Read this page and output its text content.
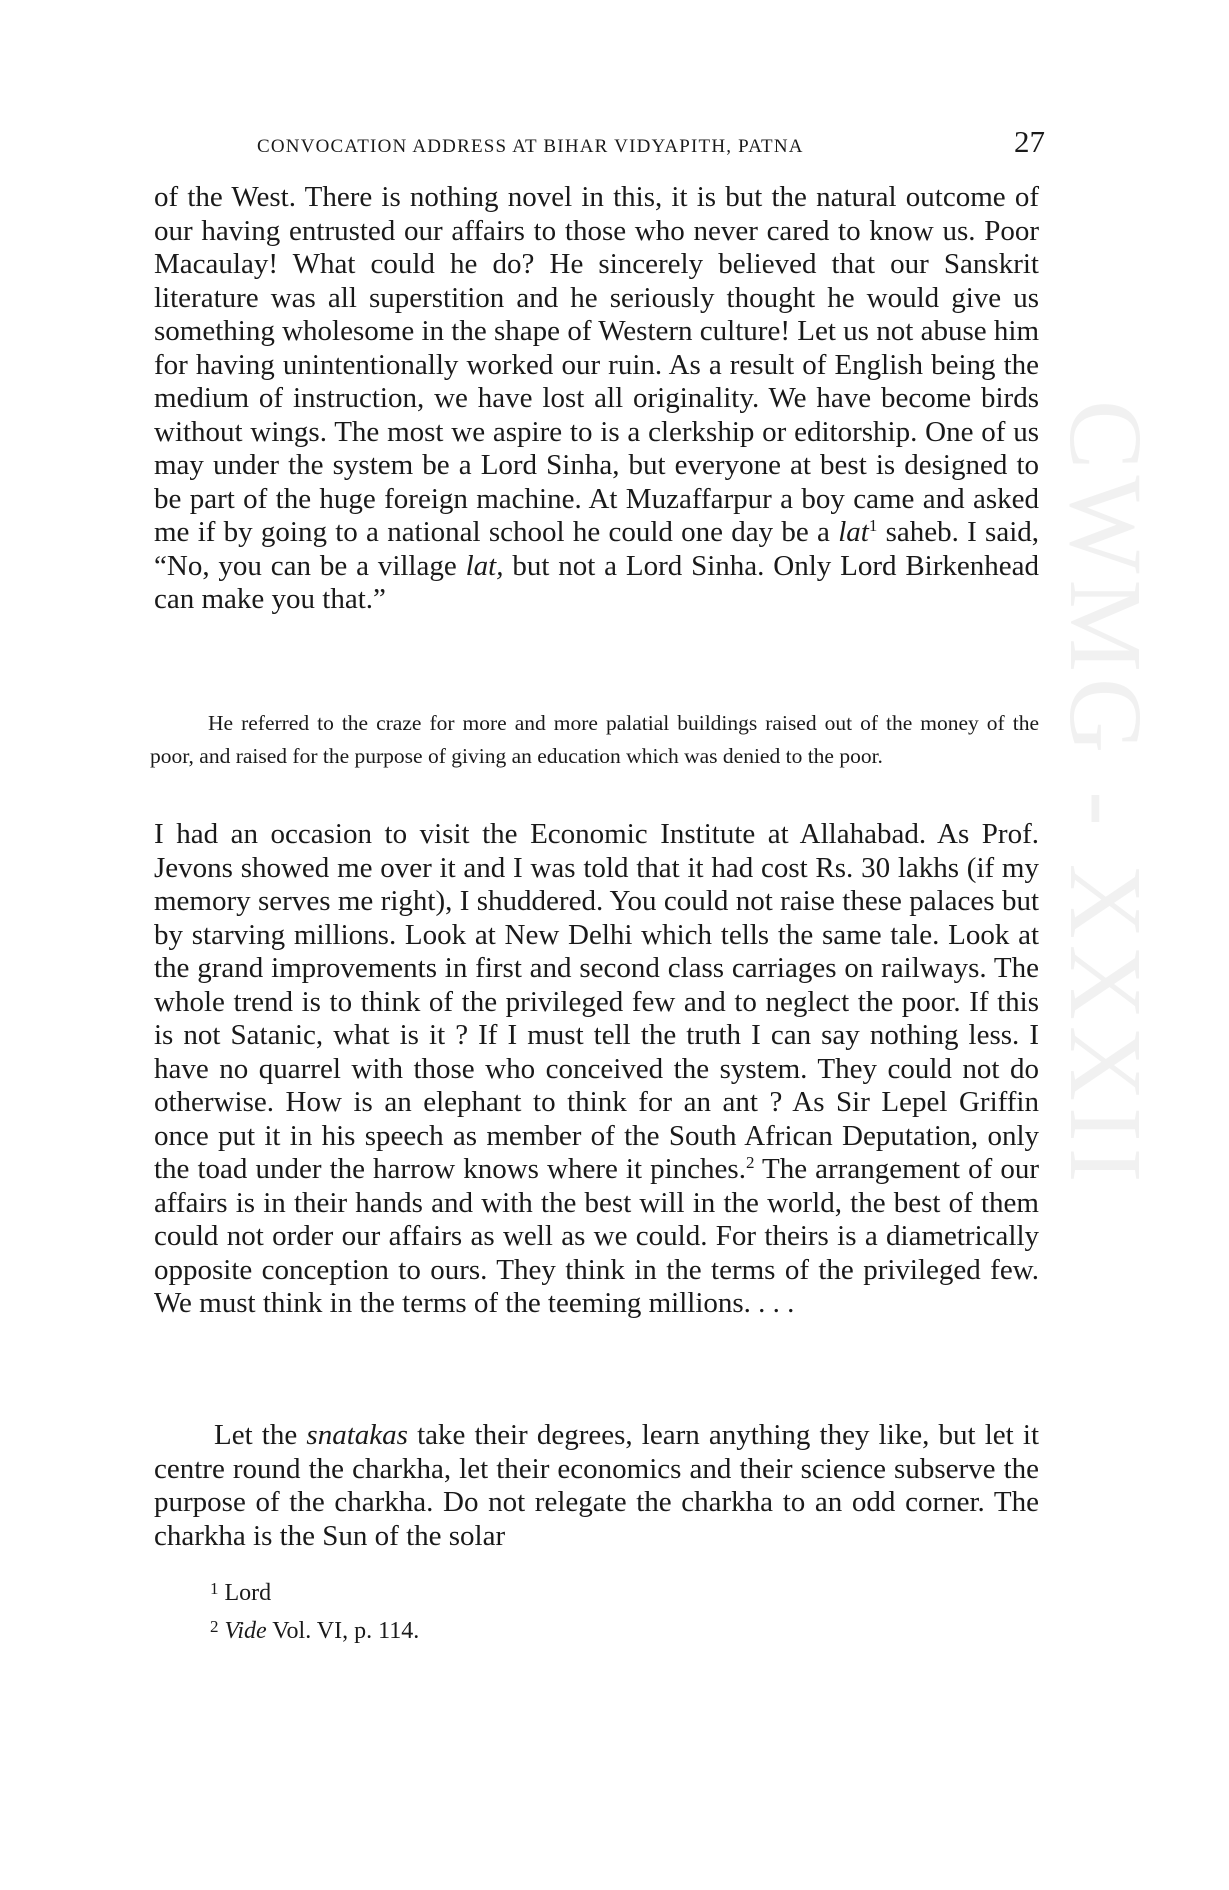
CWMG - XXXII
CONVOCATION ADDRESS AT BIHAR VIDYAPITH, PATNA	27

of the West. There is nothing novel in this, it is but the natural outcome of our having entrusted our affairs to those who never cared to know us. Poor Macaulay! What could he do? He sincerely believed that our Sanskrit literature was all superstition and he seriously thought he would give us something wholesome in the shape of Western culture! Let us not abuse him for having unintentionally worked our ruin. As a result of English being the medium of instruction, we have lost all originality. We have become birds without wings. The most we aspire to is a clerkship or editorship. One of us may under the system be a Lord Sinha, but everyone at best is designed to be part of the huge foreign machine. At Muzaffarpur a boy came and asked me if by going to a national school he could one day be a lat$^1$ saheb. I said, “No, you can be a village lat, but not a Lord Sinha. Only Lord Birkenhead can make you that.”

He referred to the craze for more and more palatial buildings raised out of the money of the poor, and raised for the purpose of giving an education which was denied to the poor.

I had an occasion to visit the Economic Institute at Allahabad. As Prof. Jevons showed me over it and I was told that it had cost Rs. 30 lakhs (if my memory serves me right), I shuddered. You could not raise these palaces but by starving millions. Look at New Delhi which tells the same tale. Look at the grand improvements in first and second class carriages on railways. The whole trend is to think of the privileged few and to neglect the poor. If this is not Satanic, what is it ? If I must tell the truth I can say nothing less. I have no quarrel with those who conceived the system. They could not do otherwise. How is an elephant to think for an ant ? As Sir Lepel Griffin once put it in his speech as member of the South African Deputation, only the toad under the harrow knows where it pinches.$^2$ The arrangement of our affairs is in their hands and with the best will in the world, the best of them could not order our affairs as well as we could. For theirs is a diametrically opposite conception to ours. They think in the terms of the privileged few. We must think in the terms of the teeming millions. . . .

Let the snatakas take their degrees, learn anything they like, but let it centre round the charkha, let their economics and their science subserve the purpose of the charkha. Do not relegate the charkha to an odd corner. The charkha is the Sun of the solar

$^1$ Lord
$^2$ Vide Vol. VI, p. 114.
